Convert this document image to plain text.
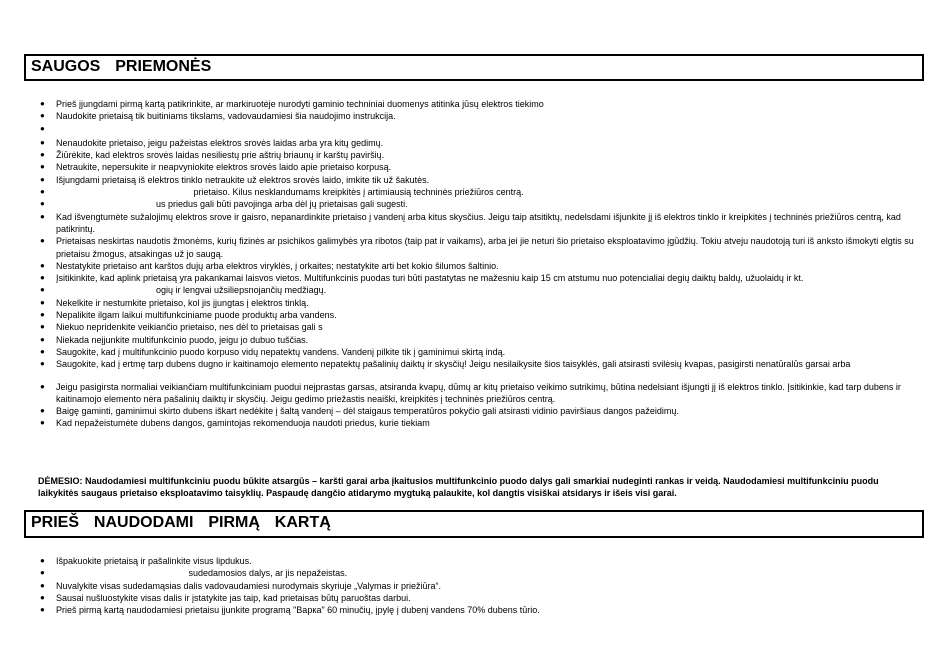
SAUGOS  PRIEMONĖS
● Prieš įjungdami pirmą kartą patikrinkite, ar markiruotėje nurodyti gaminio techniniai duomenys atitinka jūsų elektros tiekimo
● Naudokite prietaisą tik buitiniams tikslams, vadovaudamiesi šia naudojimo instrukcija.
●
● Nenaudokite prietaiso, jeigu pažeistas elektros srovės laidas arba yra kitų gedimų.
● Žiūrėkite, kad elektros srovės laidas nesiliestų prie aštrių briaunų ir karštų paviršių.
● Netraukite, nepersukite ir neapvyniokite elektros srovės laido apie prietaiso korpusą.
● Išjungdami prietaisą iš elektros tinklo netraukite už elektros srovės laido, imkite tik už šakutės.
● prietaiso. Kilus nesklandumams kreipkitės į artimiausią techninės priežiūros centrą.
● us priedus gali būti pavojinga arba dėl jų prietaisas gali sugesti.
● Kad išvengtumėte sužalojimų elektros srove ir gaisro, nepanardinkite prietaiso į vandenį arba kitus skysčius. Jeigu taip atsitiktų, nedelsdami išjunkite jį iš elektros tinklo ir kreipkitės į techninės priežiūros centrą, kad patikrintų.
● Prietaisas neskirtas naudotis žmonėms, kurių fizinės ar psichikos galimybės yra ribotos (taip pat ir vaikams), arba jei jie neturi šio prietaiso eksploatavimo įgūdžių. Tokiu atveju naudotoją turi iš anksto išmokyti elgtis su prietaisu žmogus, atsakingas už jo saugą.
● Nestatykite prietaiso ant karštos dujų arba elektros viryklės, į orkaites; nestatykite arti bet kokio šilumos šaltinio.
● Įsitikinkite, kad aplink prietaisą yra pakankamai laisvos vietos. Multifunkcinis puodas turi būti pastatytas ne mažesniu kaip 15 cm atstumu nuo potencialiai degių daiktų baldų, užuolaidų ir kt.
● ogių ir lengvai užsiliepsnojančių medžiagų.
● Nekelkite ir nestumkite prietaiso, kol jis įjungtas į elektros tinklą.
● Nepalikite ilgam laikui multifunkciniame puode produktų arba vandens.
● Niekuo nepridenkite veikiančio prietaiso, nes dėl to prietaisas gali s
● Niekada neįjunkite multifunkcinio puodo, jeigu jo dubuo tuščias.
● Saugokite, kad į multifunkcinio puodo korpuso vidų nepatektų vandens. Vandenį pilkite tik į gaminimui skirtą indą.
● Saugokite, kad į ertmę tarp dubens dugno ir kaitinamojo elemento nepatektų pašalinių daiktų ir skysčių! Jeigu nesilaikysite šios taisyklės, gali atsirasti svilėsių kvapas, pasigirsti nenatūralūs garsai arba
● Jeigu pasigirsta normaliai veikiančiam multifunkciniam puodui neįprastas garsas, atsiranda kvapų, dūmų ar kitų prietaiso veikimo sutrikimų, būtina nedelsiant išjungti jį iš elektros tinklo. Įsitikinkie, kad tarp dubens ir kaitinamojo elemento nėra pašalinių daiktų ir skysčių. Jeigu gedimo priežastis neaiški, kreipkitės į techninės priežiūros centrą.
● Baigę gaminti, gaminimui skirto dubens iškart nedėkite į šaltą vandenį – dėl staigaus temperatūros pokyčio gali atsirasti vidinio paviršiaus dangos pažeidimų.
● Kad nepažeistumėte dubens dangos, gamintojas rekomenduoja naudoti priedus, kurie tiekiam
DĖMESIO: Naudodamiesi multifunkciniu puodu būkite atsargūs – karšti garai arba įkaitusios multifunkcinio puodo dalys gali smarkiai nudeginti rankas ir veidą. Naudodamiesi multifunkciniu puodu laikykitės saugaus prietaiso eksploatavimo taisyklių. Paspaudę dangčio atidarymo mygtuką palaukite, kol dangtis visiškai atsidarys ir išeis visi garai.
PRIEŠ  NAUDODAMI  PIRMĄ  KARTĄ
● Išpakuokite prietaisą ir pašalinkite visus lipdukus.
● sudedamosios dalys, ar jis nepažeistas.
● Nuvalykite visas sudedamąsias dalis vadovaudamiesi nurodymais skyriuje „Valymas ir priežiūra“.
● Sausai nušluostykite visas dalis ir įstatykite jas taip, kad prietaisas būtų paruoštas darbui.
● Prieš pirmą kartą naudodamiesi prietaisu įjunkite programą "Варка" 60 minučių, įpylę į dubenį vandens 70% dubens tūrio.
